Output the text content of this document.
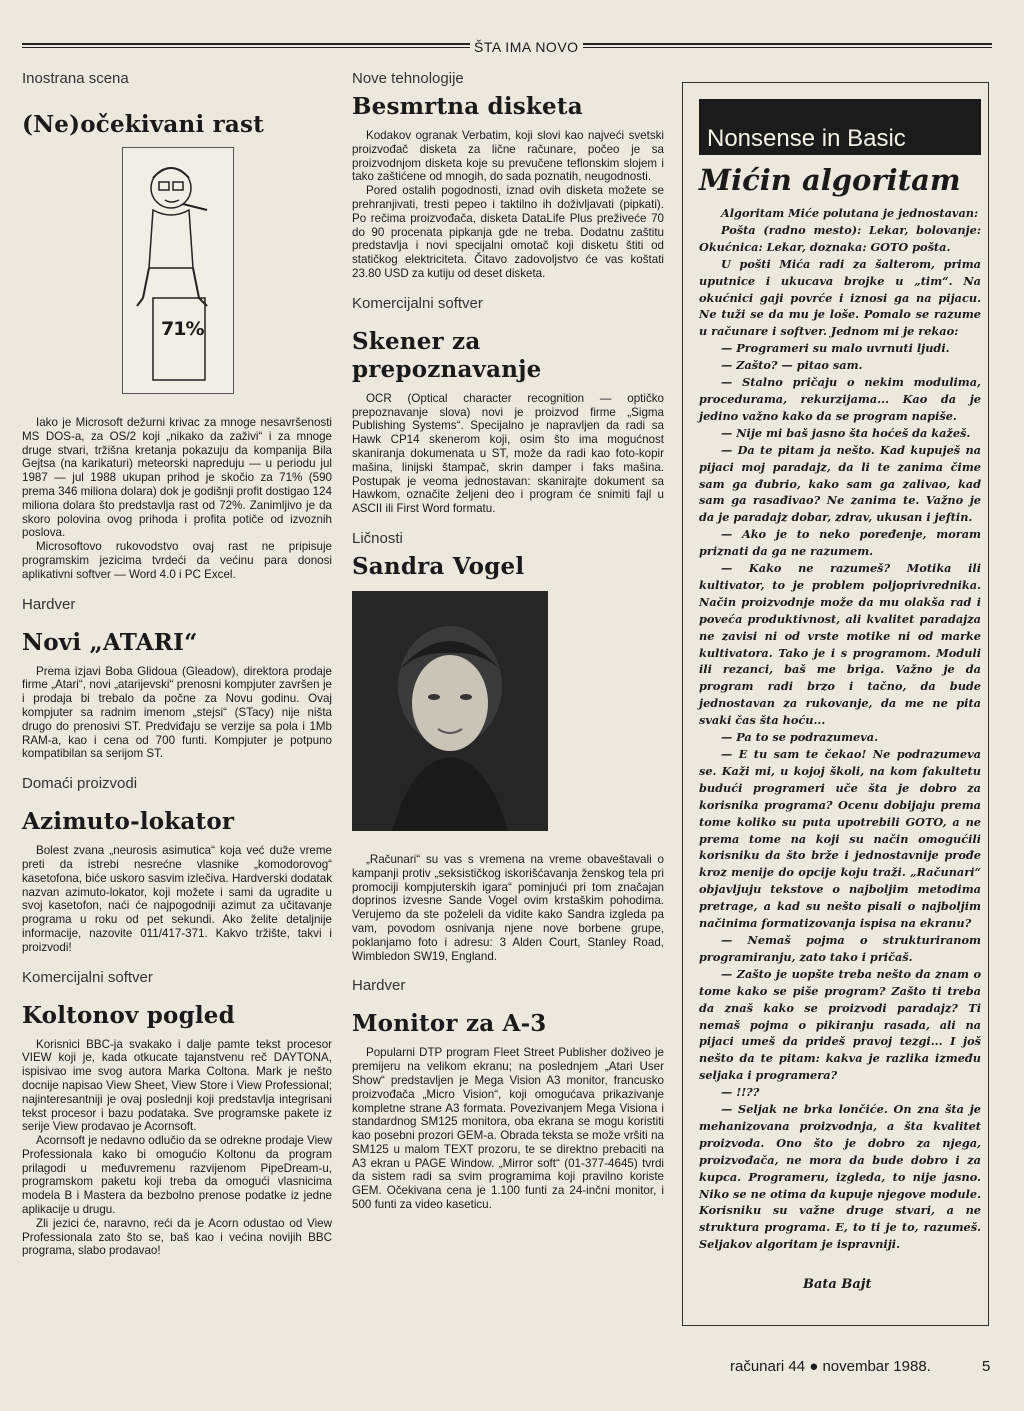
ŠTA IMA NOVO
Inostrana scena
(Ne)očekivani rast
71%

Iako je Microsoft dežurni krivac za mnoge nesavršenosti MS DOS-a, za OS/2 koji „nikako da zaživi“ i za mnoge druge stvari, tržišna kretanja pokazuju da kompanija Bila Gejtsa (na karikaturi) meteorski napreduju — u periodu jul 1987 — jul 1988 ukupan prihod je skočio za 71% (590 prema 346 miliona dolara) dok je godišnji profit dostigao 124 miliona dolara što predstavlja rast od 72%. Zanimljivo je da skoro polovina ovog prihoda i profita potiče od izvoznih poslova.

Microsoftovo rukovodstvo ovaj rast ne pripisuje programskim jezicima tvrdeći da većinu para donosi aplikativni softver — Word 4.0 i PC Excel.

Hardver
Novi „ATARI“

Prema izjavi Boba Glidoua (Gleadow), direktora prodaje firme „Atari“, novi „atarijevski“ prenosni kompjuter završen je i prodaja bi trebalo da počne za Novu godinu. Ovaj kompjuter sa radnim imenom „stejsi“ (STacy) nije ništa drugo do prenosivi ST. Predviđaju se verzije sa pola i 1Mb RAM-a, kao i cena od 700 funti. Kompjuter je potpuno kompatibilan sa serijom ST.

Domaći proizvodi
Azimuto-lokator

Bolest zvana „neurosis asimutica“ koja već duže vreme preti da istrebi nesrećne vlasnike „komodorovog“ kasetofona, biće uskoro sasvim izlečiva. Hardverski dodatak nazvan azimuto-lokator, koji možete i sami da ugradite u svoj kasetofon, naći će najpogodniji azimut za učitavanje programa u roku od pet sekundi. Ako želite detaljnije informacije, nazovite 011/417-371. Kakvo tržište, takvi i proizvodi!

Komercijalni softver
Koltonov pogled

Korisnici BBC-ja svakako i dalje pamte tekst procesor VIEW koji je, kada otkucate tajanstvenu reč DAYTONA, ispisivao ime svog autora Marka Coltona. Mark je nešto docnije napisao View Sheet, View Store i View Professional; najinteresantniji je ovaj poslednji koji predstavlja integrisani tekst procesor i bazu podataka. Sve programske pakete iz serije View prodavao je Acornsoft.

Acornsoft je nedavno odlučio da se odrekne prodaje View Professionala kako bi omogućio Koltonu da program prilagodi u međuvremenu razvijenom PipeDream-u, programskom paketu koji treba da omogući vlasnicima modela B i Mastera da bezbolno prenose podatke iz jedne aplikacije u drugu.

Zli jezici će, naravno, reći da je Acorn odustao od View Professionala zato što se, baš kao i većina novijih BBC programa, slabo prodavao!

Nove tehnologije
Besmrtna disketa

Kodakov ogranak Verbatim, koji slovi kao najveći svetski proizvođač disketa za lične računare, počeo je sa proizvodnjom disketa koje su prevučene teflonskim slojem i tako zaštićene od mnogih, do sada poznatih, neugodnosti.

Pored ostalih pogodnosti, iznad ovih disketa možete se prehranjivati, tresti pepeo i taktilno ih doživljavati (pipkati). Po rečima proizvođača, disketa DataLife Plus preživeće 70 do 90 procenata pipkanja gde ne treba. Dodatnu zaštitu predstavlja i novi specijalni omotač koji disketu štiti od statičkog elektriciteta. Čitavo zadovoljstvo će vas koštati 23.80 USD za kutiju od deset disketa.

Komercijalni softver
Skener za prepoznavanje

OCR (Optical character recognition — optičko prepoznavanje slova) novi je proizvod firme „Sigma Publishing Systems“. Specijalno je napravljen da radi sa Hawk CP14 skenerom koji, osim što ima mogućnost skaniranja dokumenata u ST, može da radi kao foto-kopir mašina, linijski štampač, skrin damper i faks mašina. Postupak je veoma jednostavan: skanirajte dokument sa Hawkom, označite željeni deo i program će snimiti fajl u ASCII ili First Word formatu.

Ličnosti
Sandra Vogel

„Računari“ su vas s vremena na vreme obaveštavali o kampanji protiv „seksističkog iskorišćavanja ženskog tela pri promociji kompjuterskih igara“ pominjući pri tom značajan doprinos izvesne Sande Vogel ovim krstaškim pohodima. Verujemo da ste poželeli da vidite kako Sandra izgleda pa vam, povodom osnivanja njene nove borbene grupe, poklanjamo foto i adresu: 3 Alden Court, Stanley Road, Wimbledon SW19, England.

Hardver
Monitor za A-3

Popularni DTP program Fleet Street Publisher doživeo je premijeru na velikom ekranu; na poslednjem „Atari User Show“ predstavljen je Mega Vision A3 monitor, francusko proizvođača „Micro Vision“, koji omogućava prikazivanje kompletne strane A3 formata. Povezivanjem Mega Visiona i standardnog SM125 monitora, oba ekrana se mogu koristiti kao posebni prozori GEM-a. Obrada teksta se može vršiti na SM125 u malom TEXT prozoru, te se direktno prebaciti na A3 ekran u PAGE Window. „Mirror soft“ (01-377-4645) tvrdi da sistem radi sa svim programima koji pravilno koriste GEM. Očekivana cena je 1.100 funti za 24-inčni monitor, i 500 funti za video kaseticu.

Nonsense in Basic
Mićin algoritam

Algoritam Miće polutana je jednostavan:

Pošta (radno mesto): Lekar, bolovanje: Okućnica: Lekar, doznaka: GOTO pošta.

U pošti Mića radi za šalterom, prima uputnice i ukucava brojke u „tim“. Na okućnici gaji povrće i iznosi ga na pijacu. Ne tuži se da mu je loše. Pomalo se razume u računare i softver. Jednom mi je rekao:

— Programeri su malo uvrnuti ljudi.

— Zašto? — pitao sam.

— Stalno pričaju o nekim modulima, procedurama, rekurzijama... Kao da je jedino važno kako da se program napiše.

— Nije mi baš jasno šta hoćeš da kažeš.

— Da te pitam ja nešto. Kad kupuješ na pijaci moj paradajz, da li te zanima čime sam ga đubrio, kako sam ga zalivao, kad sam ga rasađivao? Ne zanima te. Važno je da je paradajz dobar, zdrav, ukusan i jeftin.

— Ako je to neko poređenje, moram priznati da ga ne razumem.

— Kako ne razumeš? Motika ili kultivator, to je problem poljoprivrednika. Način proizvodnje može da mu olakša rad i poveća produktivnost, ali kvalitet paradajza ne zavisi ni od vrste motike ni od marke kultivatora. Tako je i s programom. Moduli ili rezanci, baš me briga. Važno je da program radi brzo i tačno, da bude jednostavan za rukovanje, da me ne pita svaki čas šta hoću...

— Pa to se podrazumeva.

— E tu sam te čekao! Ne podrazumeva se. Kaži mi, u kojoj školi, na kom fakultetu budući programeri uče šta je dobro za korisnika programa? Ocenu dobijaju prema tome koliko su puta upotrebili GOTO, a ne prema tome na koji su način omogućili korisniku da što brže i jednostavnije prođe kroz menije do opcije koju traži. „Računari“ objavljuju tekstove o najboljim metodima pretrage, a kad su nešto pisali o najboljim načinima formatizovanja ispisa na ekranu?

— Nemaš pojma o strukturiranom programiranju, zato tako i pričaš.

— Zašto je uopšte treba nešto da znam o tome kako se piše program? Zašto ti treba da znaš kako se proizvodi paradajz? Ti nemaš pojma o pikiranju rasada, ali na pijaci umeš da prideš pravoj tezgi... I još nešto da te pitam: kakva je razlika između seljaka i programera?

— !!??

— Seljak ne brka lončiće. On zna šta je mehanizovana proizvodnja, a šta kvalitet proizvoda. Ono što je dobro za njega, proizvođača, ne mora da bude dobro i za kupca. Programeru, izgleda, to nije jasno. Niko se ne otima da kupuje njegove module. Korisniku su važne druge stvari, a ne struktura programa. E, to ti je to, razumeš. Seljakov algoritam je ispravniji.

Bata Bajt
računari 44 ● novembar 1988.	5
